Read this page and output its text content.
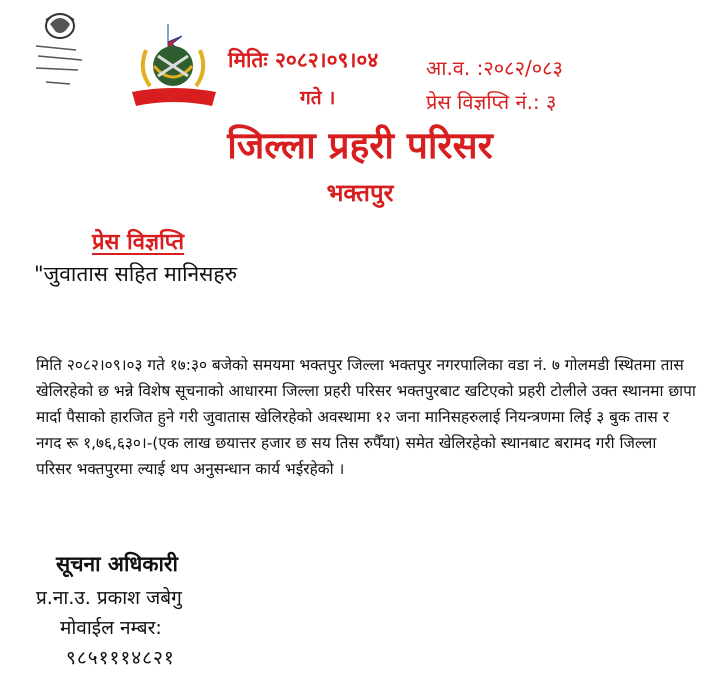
मितिः २०८२।०९।०४
गते ।
आ.व. :२०८२/०८३
प्रेस विज्ञप्ति नं.: ३
जिल्ला प्रहरी परिसर
भक्तपुर
प्रेस विज्ञप्ति
"जुवातास सहित मानिसहरु

मिति २०८२।०९।०३ गते १७:३० बजेको समयमा भक्तपुर जिल्ला भक्तपुर नगरपालिका वडा नं. ७ गोलमडी स्थितमा तास खेलिरहेको छ भन्ने विशेष सूचनाको आधारमा जिल्ला प्रहरी परिसर भक्तपुरबाट खटिएको प्रहरी टोलीले उक्त स्थानमा छापा मार्दा पैसाको हारजित हुने गरी जुवातास खेलिरहेको अवस्थामा १२ जना मानिसहरुलाई नियन्त्रणमा लिई ३ बुक तास र नगद रू १,७६,६३०।-(एक लाख छयात्तर हजार छ सय तिस रुपैँया) समेत खेलिरहेको स्थानबाट बरामद गरी जिल्ला परिसर भक्तपुरमा ल्याई थप अनुसन्धान कार्य भईरहेको ।

सूचना अधिकारी
प्र.ना.उ. प्रकाश जबेगु
मोवाईल नम्बर:
९८५१११४८२१
